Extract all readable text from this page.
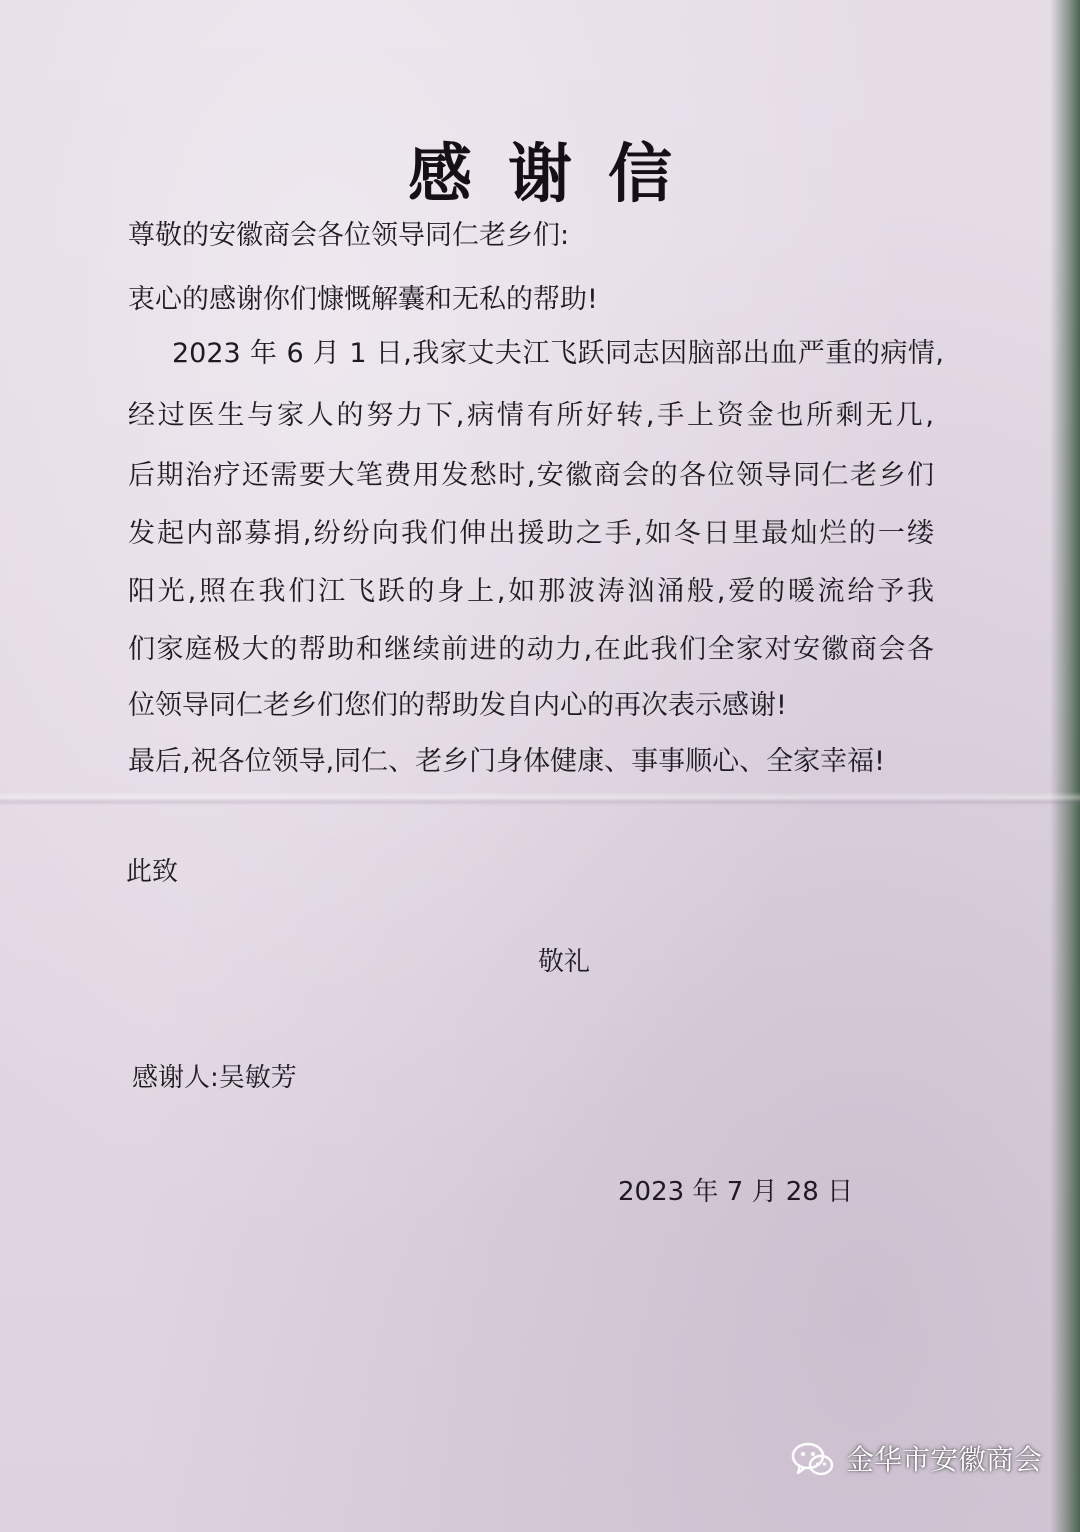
感谢信
尊敬的安徽商会各位领导同仁老乡们:
衷心的感谢你们慷慨解囊和无私的帮助!
2023 年 6 月 1 日,我家丈夫江飞跃同志因脑部出血严重的病情,
经过医生与家人的努力下,病情有所好转,手上资金也所剩无几,
后期治疗还需要大笔费用发愁时,安徽商会的各位领导同仁老乡们
发起内部募捐,纷纷向我们伸出援助之手,如冬日里最灿烂的一缕
阳光,照在我们江飞跃的身上,如那波涛汹涌般,爱的暖流给予我
们家庭极大的帮助和继续前进的动力,在此我们全家对安徽商会各
位领导同仁老乡们您们的帮助发自内心的再次表示感谢!
最后,祝各位领导,同仁、老乡门身体健康、事事顺心、全家幸福!
此致
敬礼
感谢人:吴敏芳
2023 年 7 月 28 日
金华市安徽商会
